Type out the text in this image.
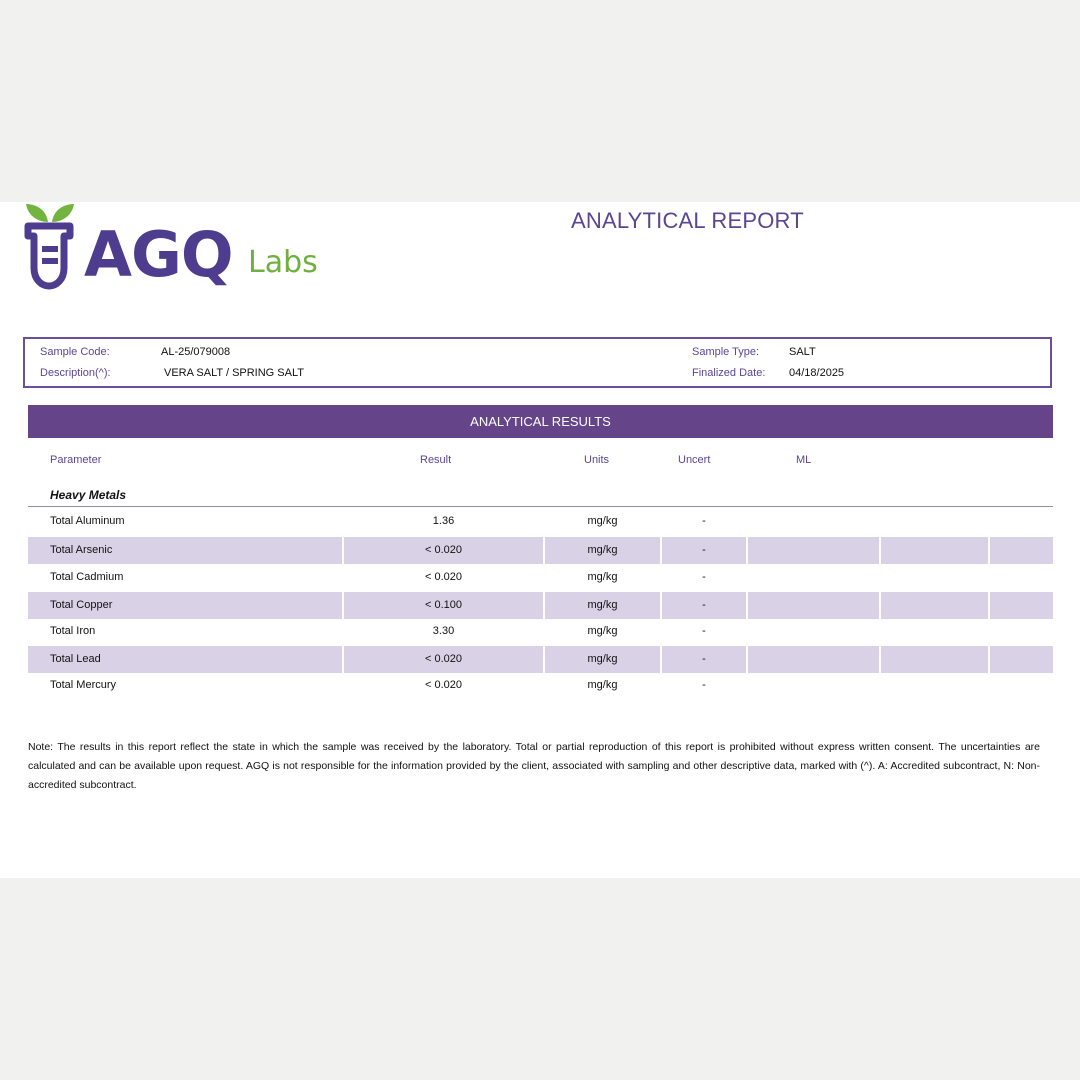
AGQ Labs
ANALYTICAL REPORT
Sample Code:	AL-25/079008
Description(^):	VERA SALT / SPRING SALT
Sample Type:	SALT
Finalized Date: 04/18/2025
ANALYTICAL RESULTS
Parameter	Result	Units	Uncert	ML
Heavy Metals
Total Aluminum	1.36	mg/kg	-
Total Arsenic	< 0.020	mg/kg	-
Total Cadmium	< 0.020	mg/kg	-
Total Copper	< 0.100	mg/kg	-
Total Iron	3.30	mg/kg	-
Total Lead	< 0.020	mg/kg	-
Total Mercury	< 0.020	mg/kg	-
Note: The results in this report reflect the state in which the sample was received by the laboratory. Total or partial reproduction of this report is prohibited without express written consent. The uncertainties are calculated and can be available upon request. AGQ is not responsible for the information provided by the client, associated with sampling and other descriptive data, marked with (^). A: Accredited subcontract, N: Non-accredited subcontract.
